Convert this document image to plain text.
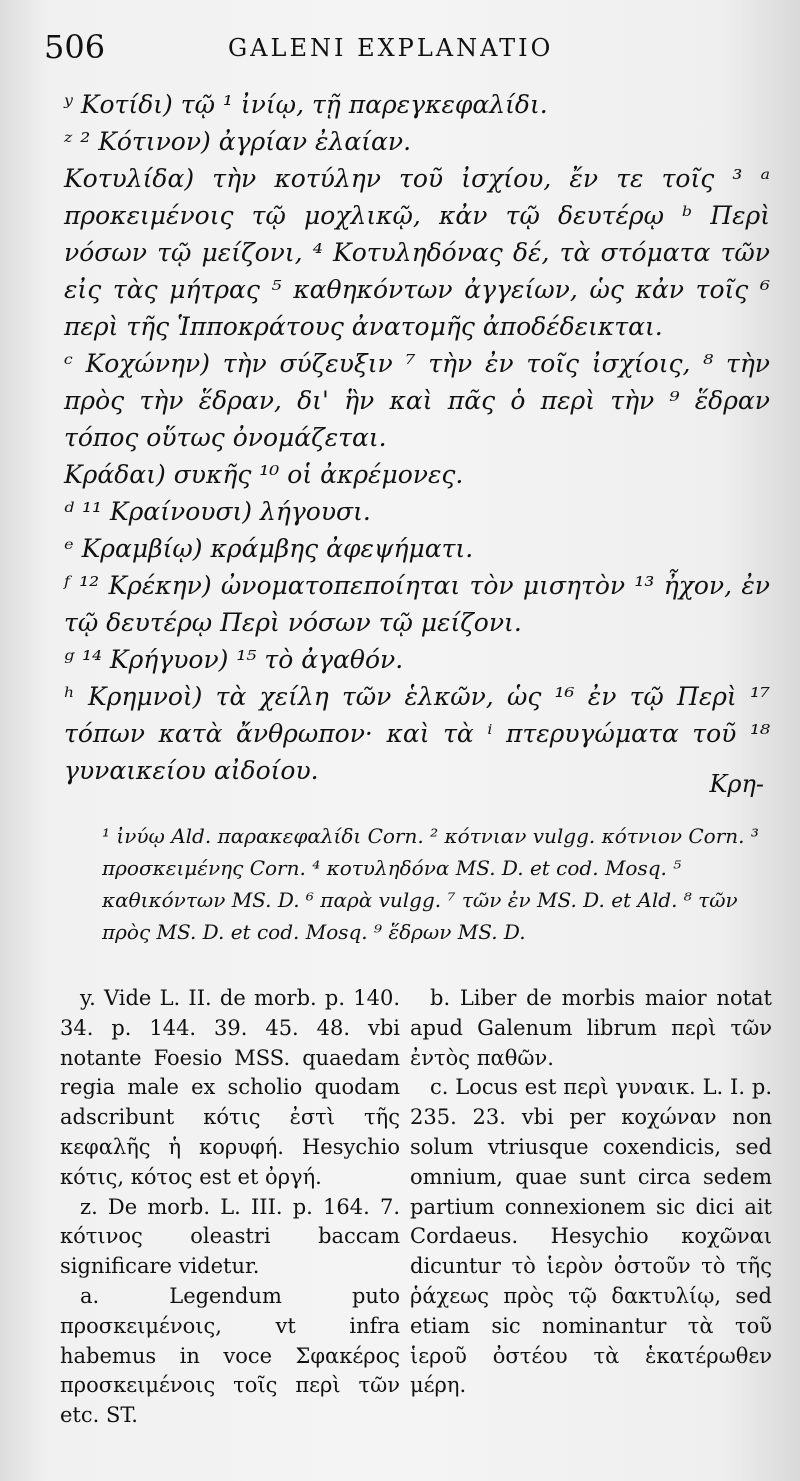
506	GALENI EXPLANATIO

ʸ Κοτίδι) τῷ ¹ ἰνίῳ, τῇ παρεγκεφαλίδι.

ᶻ ² Κότινον) ἀγρίαν ἐλαίαν.

Κοτυλίδα) τὴν κοτύλην τοῦ ἰσχίου, ἔν τε τοῖς ³ ᵃ προκειμένοις τῷ μοχλικῷ, κἀν τῷ δευτέρῳ ᵇ Περὶ νόσων τῷ μείζονι, ⁴ Κοτυληδόνας δέ, τὰ στόματα τῶν εἰς τὰς μήτρας ⁵ καθηκόντων ἀγγείων, ὡς κἀν τοῖς ⁶ περὶ τῆς Ἱπποκράτους ἀνατομῆς ἀποδέδεικται.

ᶜ Κοχώνην) τὴν σύζευξιν ⁷ τὴν ἐν τοῖς ἰσχίοις, ⁸ τὴν πρὸς τὴν ἕδραν, δι' ἣν καὶ πᾶς ὁ περὶ τὴν ⁹ ἕδραν τόπος οὕτως ὀνομάζεται.

Κράδαι) συκῆς ¹⁰ οἱ ἀκρέμονες.

ᵈ ¹¹ Κραίνουσι) λήγουσι.

ᵉ Κραμβίῳ) κράμβης ἀφεψήματι.

ᶠ ¹² Κρέκην) ὠνοματοπεποίηται τὸν μισητὸν ¹³ ἦχον, ἐν τῷ δευτέρῳ Περὶ νόσων τῷ μείζονι.

ᵍ ¹⁴ Κρήγυον) ¹⁵ τὸ ἀγαθόν.

ʰ Κρημνοὶ) τὰ χείλη τῶν ἑλκῶν, ὡς ¹⁶ ἐν τῷ Περὶ ¹⁷ τόπων κατὰ ἄνθρωπον· καὶ τὰ ⁱ πτερυγώματα τοῦ ¹⁸ γυναικείου αἰδοίου.	Κρη-

¹ ἰνύῳ Ald. παρακεφαλίδι Corn. ² κότνιαν vulgg. κότνιον Corn. ³ προσκειμένης Corn. ⁴ κοτυληδόνα MS. D. et cod. Mosq. ⁵ καθικόντων MS. D. ⁶ παρὰ vulgg. ⁷ τῶν ἐν MS. D. et Ald. ⁸ τῶν πρὸς MS. D. et cod. Mosq. ⁹ ἕδρων MS. D.

y. Vide L. II. de morb. p. 140. 34. p. 144. 39. 45. 48. vbi notante Foesio MSS. quaedam regia male ex scholio quodam adscribunt κότις ἐστὶ τῆς κεφαλῆς ἡ κορυφή. Hesychio κότις, κότος est et ὀργή.

z. De morb. L. III. p. 164. 7. κότινος oleastri baccam significare videtur.

a. Legendum puto προσκειμένοις, vt infra habemus in voce Σφακέρος προσκειμένοις τοῖς περὶ τῶν etc. ST.

b. Liber de morbis maior notat apud Galenum librum περὶ τῶν ἐντὸς παθῶν.

c. Locus est περὶ γυναικ. L. I. p. 235. 23. vbi per κοχώναν non solum vtriusque coxendicis, sed omnium, quae sunt circa sedem partium connexionem sic dici ait Cordaeus. Hesychio κοχῶναι dicuntur τὸ ἱερὸν ὀστοῦν τὸ τῆς ῥάχεως πρὸς τῷ δακτυλίῳ, sed etiam sic nominantur τὰ τοῦ ἱεροῦ ὀστέου τὰ ἑκατέρωθεν μέρη.
